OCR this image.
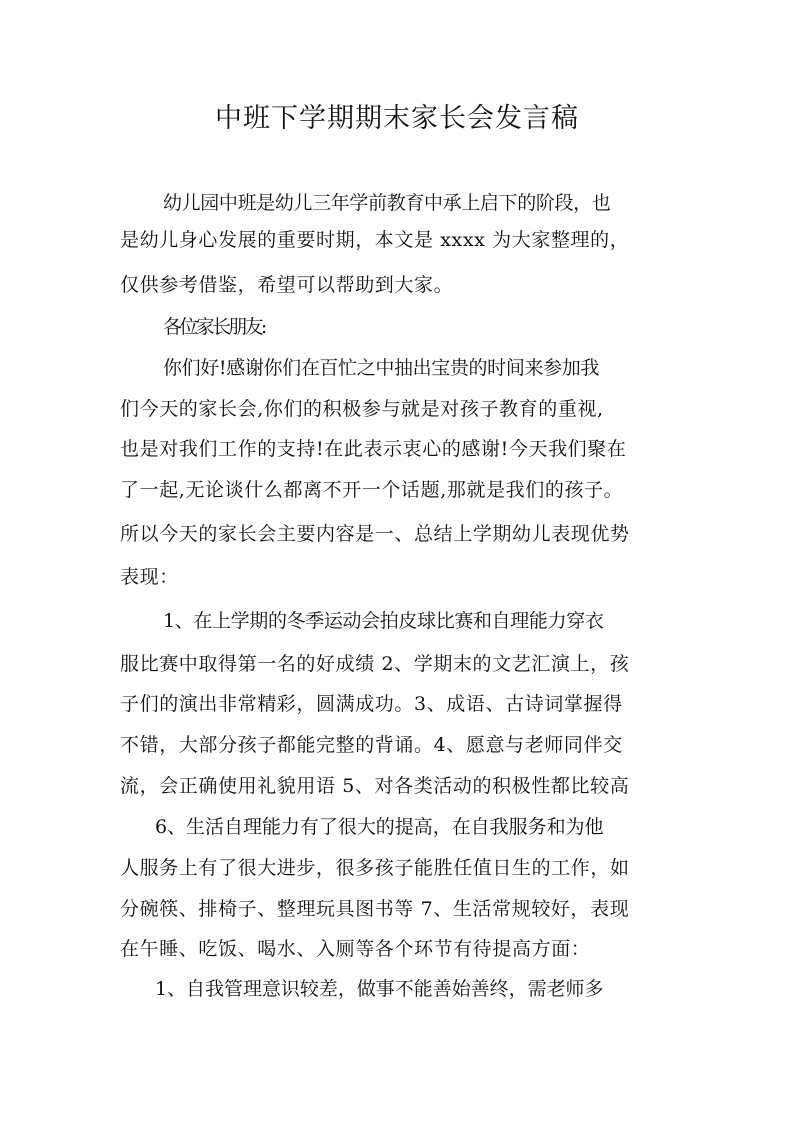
中班下学期期末家长会发言稿
幼儿园中班是幼儿三年学前教育中承上启下的阶段，也
是幼儿身心发展的重要时期，本文是 xxxx 为大家整理的，
仅供参考借鉴，希望可以帮助到大家。
各位家长朋友:
你们好!感谢你们在百忙之中抽出宝贵的时间来参加我
们今天的家长会,你们的积极参与就是对孩子教育的重视,
也是对我们工作的支持!在此表示衷心的感谢!今天我们聚在
了一起,无论谈什么都离不开一个话题,那就是我们的孩子。
所以今天的家长会主要内容是一、总结上学期幼儿表现优势
表现：
1、在上学期的冬季运动会拍皮球比赛和自理能力穿衣
服比赛中取得第一名的好成绩 2、学期末的文艺汇演上，孩
子们的演出非常精彩，圆满成功。3、成语、古诗词掌握得
不错，大部分孩子都能完整的背诵。4、愿意与老师同伴交
流，会正确使用礼貌用语 5、对各类活动的积极性都比较高
6、生活自理能力有了很大的提高，在自我服务和为他
人服务上有了很大进步，很多孩子能胜任值日生的工作，如
分碗筷、排椅子、整理玩具图书等 7、生活常规较好，表现
在午睡、吃饭、喝水、入厕等各个环节有待提高方面：
1、自我管理意识较差，做事不能善始善终，需老师多
